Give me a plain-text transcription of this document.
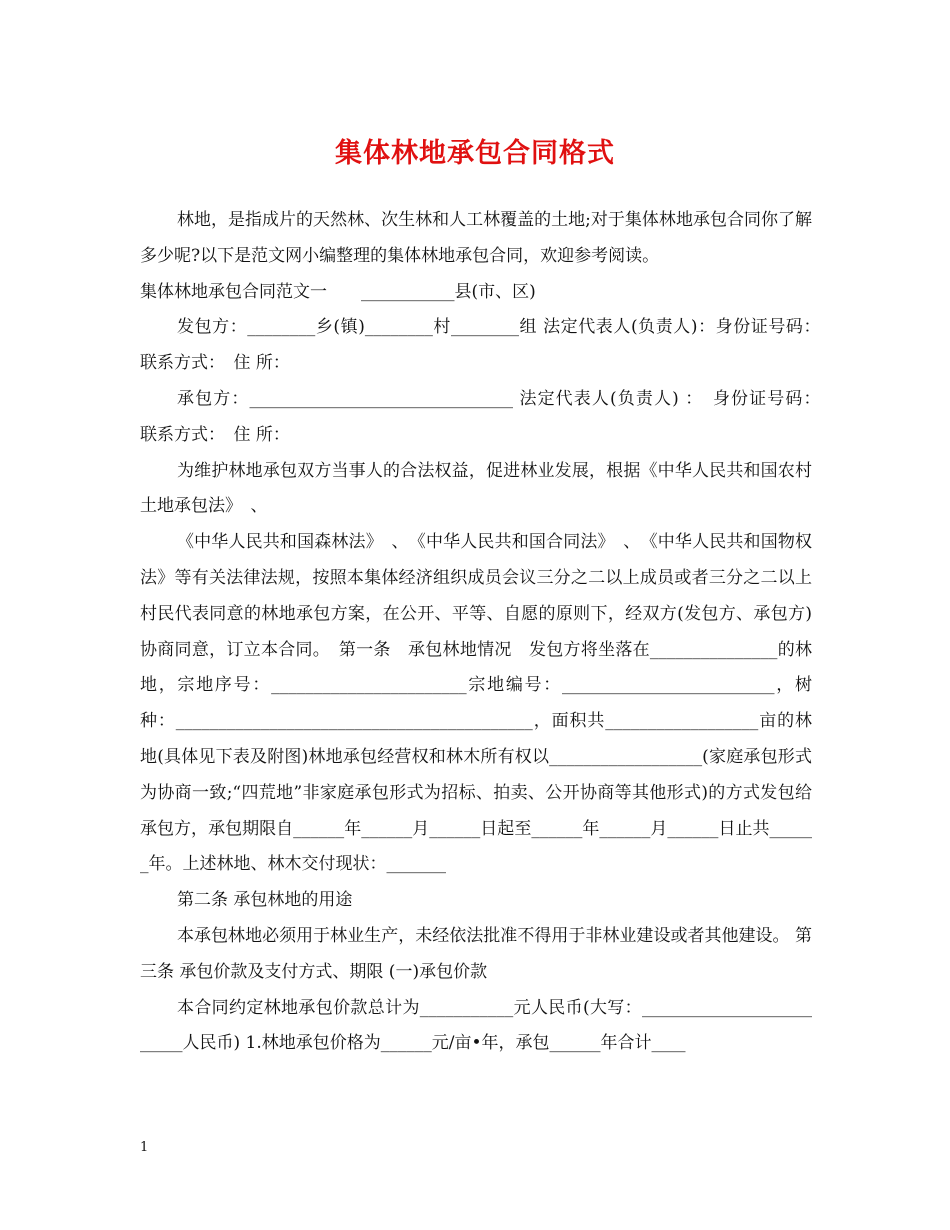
集体林地承包合同格式

林地，是指成片的天然林、次生林和人工林覆盖的土地;对于集体林地承包合同你了解多少呢?以下是范文网小编整理的集体林地承包合同，欢迎参考阅读。

集体林地承包合同范文一　　___________县(市、区)

发包方：________乡(镇)________村________组 法定代表人(负责人)：身份证号码：　联系方式：　住 所：

承包方：_______________________________ 法定代表人(负责人) ：　身份证号码：　联系方式：　住 所：

为维护林地承包双方当事人的合法权益，促进林业发展，根据《中华人民共和国农村土地承包法》　、

《中华人民共和国森林法》　、　《中华人民共和国合同法》　、　《中华人民共和国物权法》等有关法律法规，按照本集体经济组织成员会议三分之二以上成员或者三分之二以上村民代表同意的林地承包方案，在公开、平等、自愿的原则下，经双方(发包方、承包方)协商同意，订立本合同。　第一条　承包林地情况　发包方将坐落在_______________的林地，宗地序号：_______________________宗地编号：_________________________，树种：__________________________________________，面积共__________________亩的林地(具体见下表及附图)林地承包经营权和林木所有权以__________________(家庭承包形式为协商一致;“四荒地”非家庭承包形式为招标、拍卖、公开协商等其他形式)的方式发包给承包方，承包期限自______年______月______日起至______年______月______日止共______年。上述林地、林木交付现状：_______

第二条 承包林地的用途

本承包林地必须用于林业生产，未经依法批准不得用于非林业建设或者其他建设。 第三条 承包价款及支付方式、期限 (一)承包价款

本合同约定林地承包价款总计为___________元人民币(大写：_________________________人民币) 1.林地承包价格为______元/亩•年，承包______年合计____

1
